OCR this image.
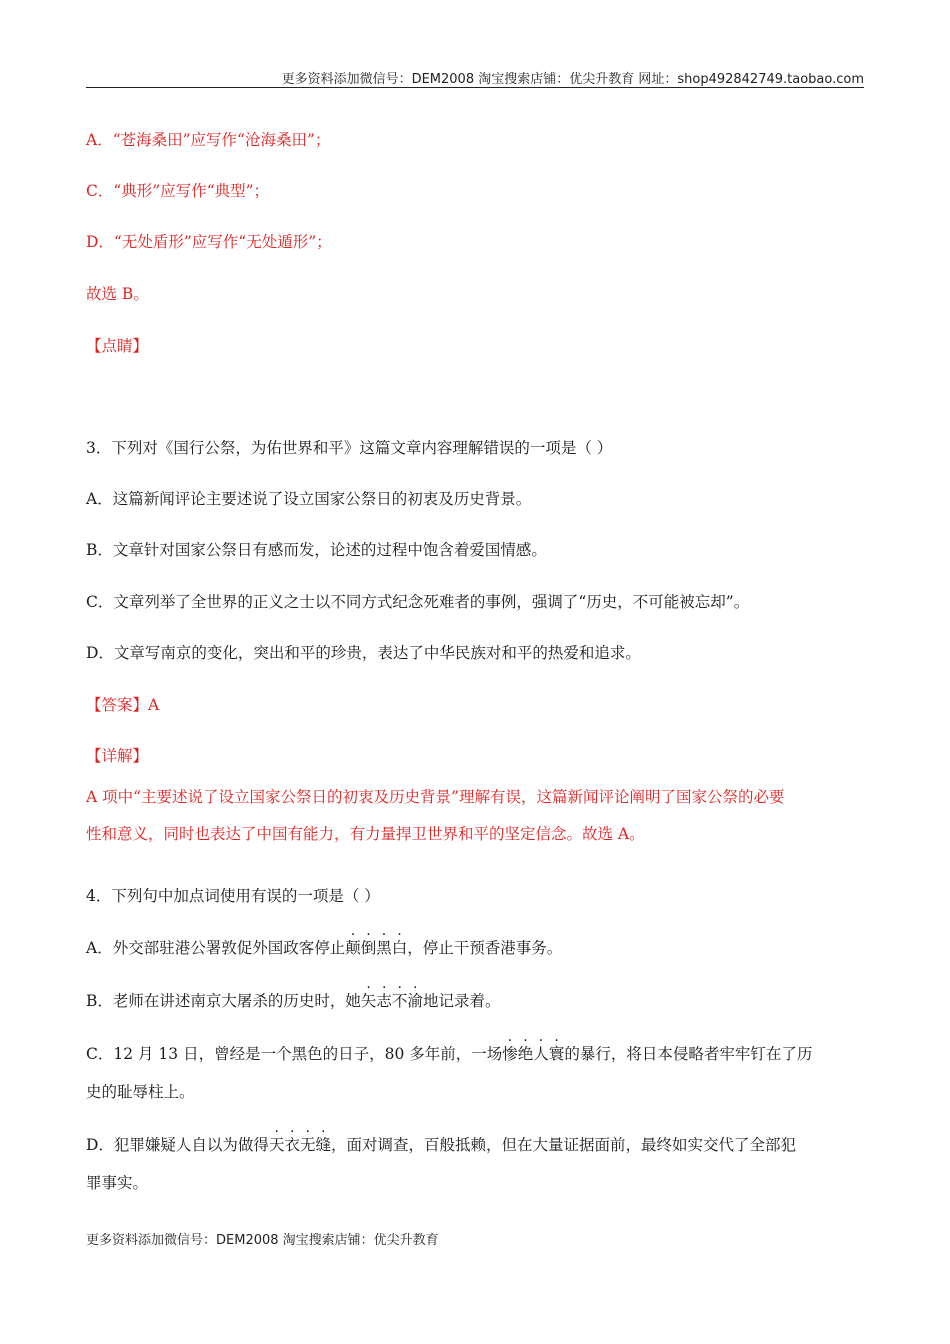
更多资料添加微信号：DEM2008 淘宝搜索店铺：优尖升教育 网址：shop492842749.taobao.com
A．“苍海桑田”应写作“沧海桑田”；
C．“典形”应写作“典型”；
D．“无处盾形”应写作“无处遁形”；
故选 B。
【点睛】
3．下列对《国行公祭，为佑世界和平》这篇文章内容理解错误的一项是（ ）
A．这篇新闻评论主要述说了设立国家公祭日的初衷及历史背景。
B．文章针对国家公祭日有感而发，论述的过程中饱含着爱国情感。
C．文章列举了全世界的正义之士以不同方式纪念死难者的事例，强调了“历史，不可能被忘却”。
D．文章写南京的变化，突出和平的珍贵，表达了中华民族对和平的热爱和追求。
【答案】A
【详解】
A 项中“主要述说了设立国家公祭日的初衷及历史背景”理解有误，这篇新闻评论阐明了国家公祭的必要
性和意义，同时也表达了中国有能力，有力量捍卫世界和平的坚定信念。故选 A。
4．下列句中加点词使用有误的一项是（ ）
A．外交部驻港公署敦促外国政客停止颠倒黑白，停止干预香港事务。
B．老师在讲述南京大屠杀的历史时，她矢志不渝地记录着。
C．12 月 13 日，曾经是一个黑色的日子，80 多年前，一场惨绝人寰的暴行，将日本侵略者牢牢钉在了历
史的耻辱柱上。
D．犯罪嫌疑人自以为做得天衣无缝，面对调查，百般抵赖，但在大量证据面前，最终如实交代了全部犯
罪事实。
更多资料添加微信号：DEM2008 淘宝搜索店铺：优尖升教育
